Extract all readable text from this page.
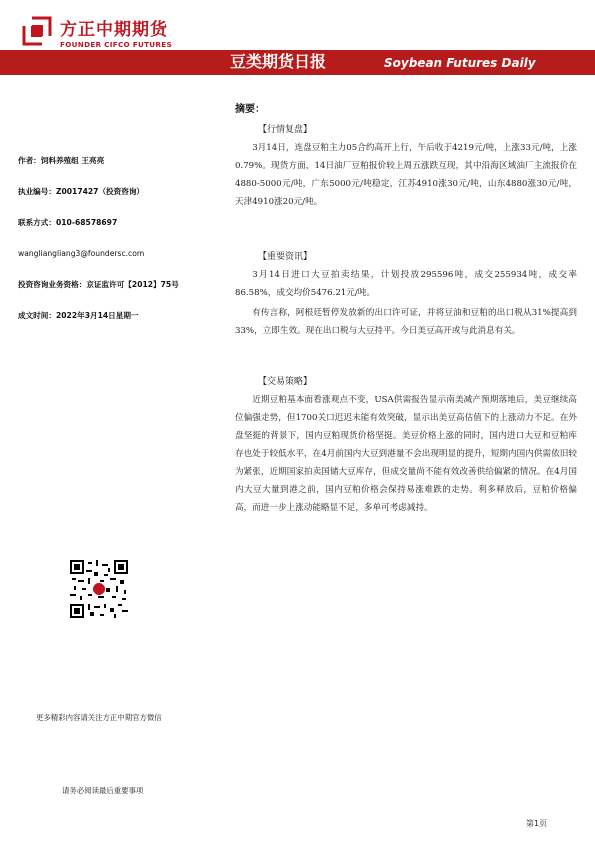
方正中期期货
FOUNDER CIFCO FUTURES
豆类期货日报	Soybean Futures Daily
作者：饲料养殖组 王亮亮
执业编号：Z0017427（投资咨询）
联系方式：010-68578697
wangliangliang3@foundersc.com
投资咨询业务资格：京证监许可【2012】75号
成文时间：2022年3月14日星期一
摘要：
【行情复盘】
3月14日，连盘豆粕主力05合约高开上行，午后收于4219元/吨，上涨33元/吨，上涨0.79%。现货方面，14日油厂豆粕报价较上周五涨跌互现，其中沿海区域油厂主流报价在4880-5000元/吨，广东5000元/吨稳定，江苏4910涨30元/吨，山东4880涨30元/吨，天津4910涨20元/吨。
【重要资讯】
3月14日进口大豆拍卖结果，计划投放295596吨，成交255934吨，成交率86.58%，成交均价5476.21元/吨。
有传言称，阿根廷暂停发放新的出口许可证，并将豆油和豆粕的出口税从31%提高到33%，立即生效。现在出口税与大豆持平。今日美豆高开或与此消息有关。
【交易策略】
近期豆粕基本面看涨观点不变，USA供需报告显示南美减产预期落地后，美豆继续高位偏强走势，但1700关口迟迟未能有效突破，显示出美豆高估值下的上涨动力不足。在外盘坚挺的背景下，国内豆粕现货价格坚挺。美豆价格上涨的同时，国内进口大豆和豆粕库存也处于较低水平，在4月前国内大豆到港量不会出现明显的提升，短期内国内供需依旧较为紧张，近期国家拍卖国储大豆库存，但成交量尚不能有效改善供给偏紧的情况。在4月国内大豆大量到港之前，国内豆粕价格会保持易涨难跌的走势。利多释放后，豆粕价格偏高，而进一步上涨动能略显不足，多单可考虑减持。
更多精彩内容请关注方正中期官方微信
请务必阅读最后重要事项
第1页
